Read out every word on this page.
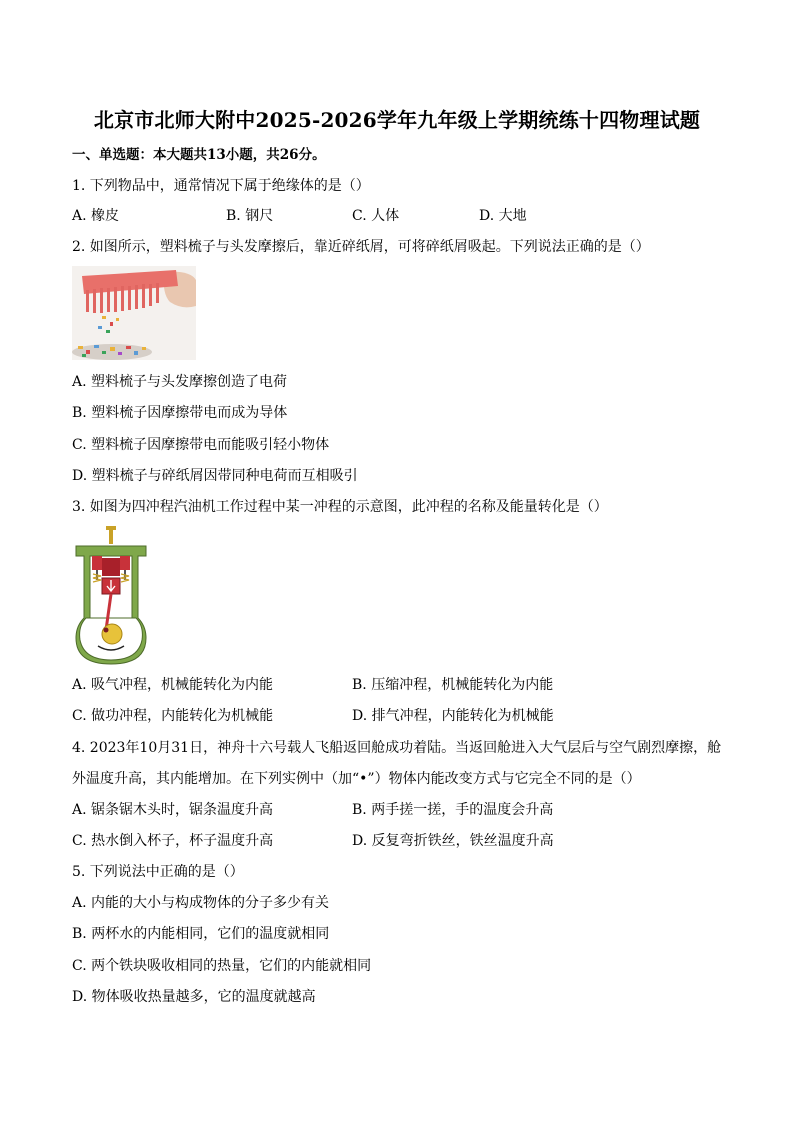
北京市北师大附中2025-2026学年九年级上学期统练十四物理试题
一、单选题：本大题共13小题，共26分。
1. 下列物品中，通常情况下属于绝缘体的是（）
A. 橡皮	B. 钢尺	C. 人体	D. 大地
2. 如图所示，塑料梳子与头发摩擦后，靠近碎纸屑，可将碎纸屑吸起。下列说法正确的是（）
A. 塑料梳子与头发摩擦创造了电荷
B. 塑料梳子因摩擦带电而成为导体
C. 塑料梳子因摩擦带电而能吸引轻小物体
D. 塑料梳子与碎纸屑因带同种电荷而互相吸引
3. 如图为四冲程汽油机工作过程中某一冲程的示意图，此冲程的名称及能量转化是（）
A. 吸气冲程，机械能转化为内能	B. 压缩冲程，机械能转化为内能
C. 做功冲程，内能转化为机械能	D. 排气冲程，内能转化为机械能
4. 2023年10月31日，神舟十六号载人飞船返回舱成功着陆。当返回舱进入大气层后与空气剧烈摩擦，舱
外温度升高，其内能增加。在下列实例中（加“•”）物体内能改变方式与它完全不同的是（）
A. 锯条锯木头时，锯条温度升高	B. 两手搓一搓，手的温度会升高
C. 热水倒入杯子，杯子温度升高	D. 反复弯折铁丝，铁丝温度升高
5. 下列说法中正确的是（）
A. 内能的大小与构成物体的分子多少有关
B. 两杯水的内能相同，它们的温度就相同
C. 两个铁块吸收相同的热量，它们的内能就相同
D. 物体吸收热量越多，它的温度就越高
